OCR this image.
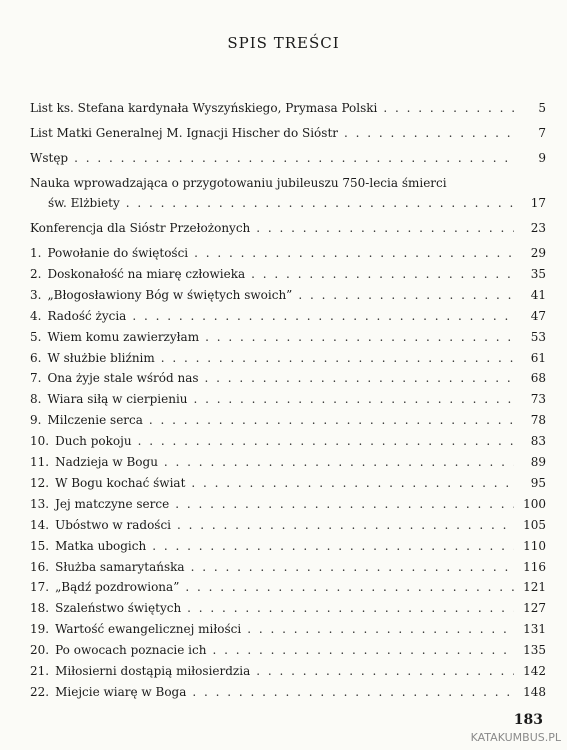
SPIS TREŚCI
List ks. Stefana kardynała Wyszyńskiego, Prymasa Polski . . .	5
List Matki Generalnej M. Ignacji Hischer do Sióstr . . .	7
Wstęp . . .	9
Nauka wprowadzająca o przygotowaniu jubileuszu 750-lecia śmierci
św. Elżbiety . . .	17
Konferencja dla Sióstr Przełożonych . . .	23
1. Powołanie do świętości . . .	29
2. Doskonałość na miarę człowieka . . .	35
3. „Błogosławiony Bóg w świętych swoich” . . .	41
4. Radość życia . . .	47
5. Wiem komu zawierzyłam . . .	53
6. W służbie bliźnim . . .	61
7. Ona żyje stale wśród nas . . .	68
8. Wiara siłą w cierpieniu . . .	73
9. Milczenie serca . . .	78
10. Duch pokoju . . .	83
11. Nadzieja w Bogu . . .	89
12. W Bogu kochać świat . . .	95
13. Jej matczyne serce . . .	100
14. Ubóstwo w radości . . .	105
15. Matka ubogich . . .	110
16. Służba samarytańska . . .	116
17. „Bądź pozdrowiona” . . .	121
18. Szaleństwo świętych . . .	127
19. Wartość ewangelicznej miłości . . .	131
20. Po owocach poznacie ich . . .	135
21. Miłosierni dostąpią miłosierdzia . . .	142
22. Miejcie wiarę w Boga . . .	148
183
KATAKUMBUS.PL
